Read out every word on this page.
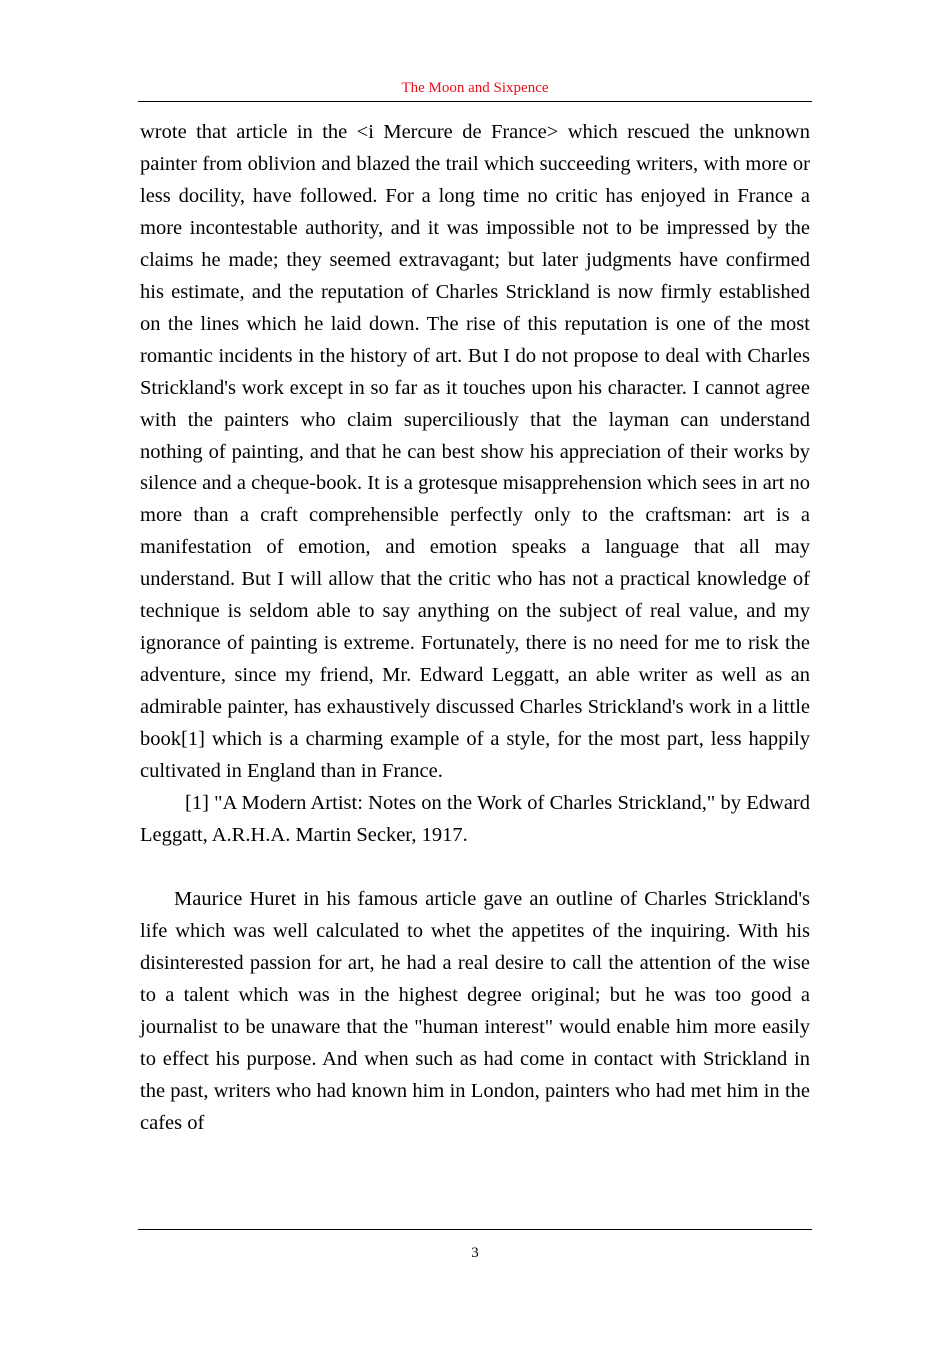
The Moon and Sixpence

wrote that article in the <i Mercure de France> which rescued the unknown painter from oblivion and blazed the trail which succeeding writers, with more or less docility, have followed. For a long time no critic has enjoyed in France a more incontestable authority, and it was impossible not to be impressed by the claims he made; they seemed extravagant; but later judgments have confirmed his estimate, and the reputation of Charles Strickland is now firmly established on the lines which he laid down. The rise of this reputation is one of the most romantic incidents in the history of art. But I do not propose to deal with Charles Strickland's work except in so far as it touches upon his character. I cannot agree with the painters who claim superciliously that the layman can understand nothing of painting, and that he can best show his appreciation of their works by silence and a cheque-book. It is a grotesque misapprehension which sees in art no more than a craft comprehensible perfectly only to the craftsman: art is a manifestation of emotion, and emotion speaks a language that all may understand. But I will allow that the critic who has not a practical knowledge of technique is seldom able to say anything on the subject of real value, and my ignorance of painting is extreme. Fortunately, there is no need for me to risk the adventure, since my friend, Mr. Edward Leggatt, an able writer as well as an admirable painter, has exhaustively discussed Charles Strickland's work in a little book[1] which is a charming example of a style, for the most part, less happily cultivated in England than in France.

[1] "A Modern Artist: Notes on the Work of Charles Strickland," by Edward Leggatt, A.R.H.A. Martin Secker, 1917.

Maurice Huret in his famous article gave an outline of Charles Strickland's life which was well calculated to whet the appetites of the inquiring. With his disinterested passion for art, he had a real desire to call the attention of the wise to a talent which was in the highest degree original; but he was too good a journalist to be unaware that the "human interest" would enable him more easily to effect his purpose. And when such as had come in contact with Strickland in the past, writers who had known him in London, painters who had met him in the cafes of

3
